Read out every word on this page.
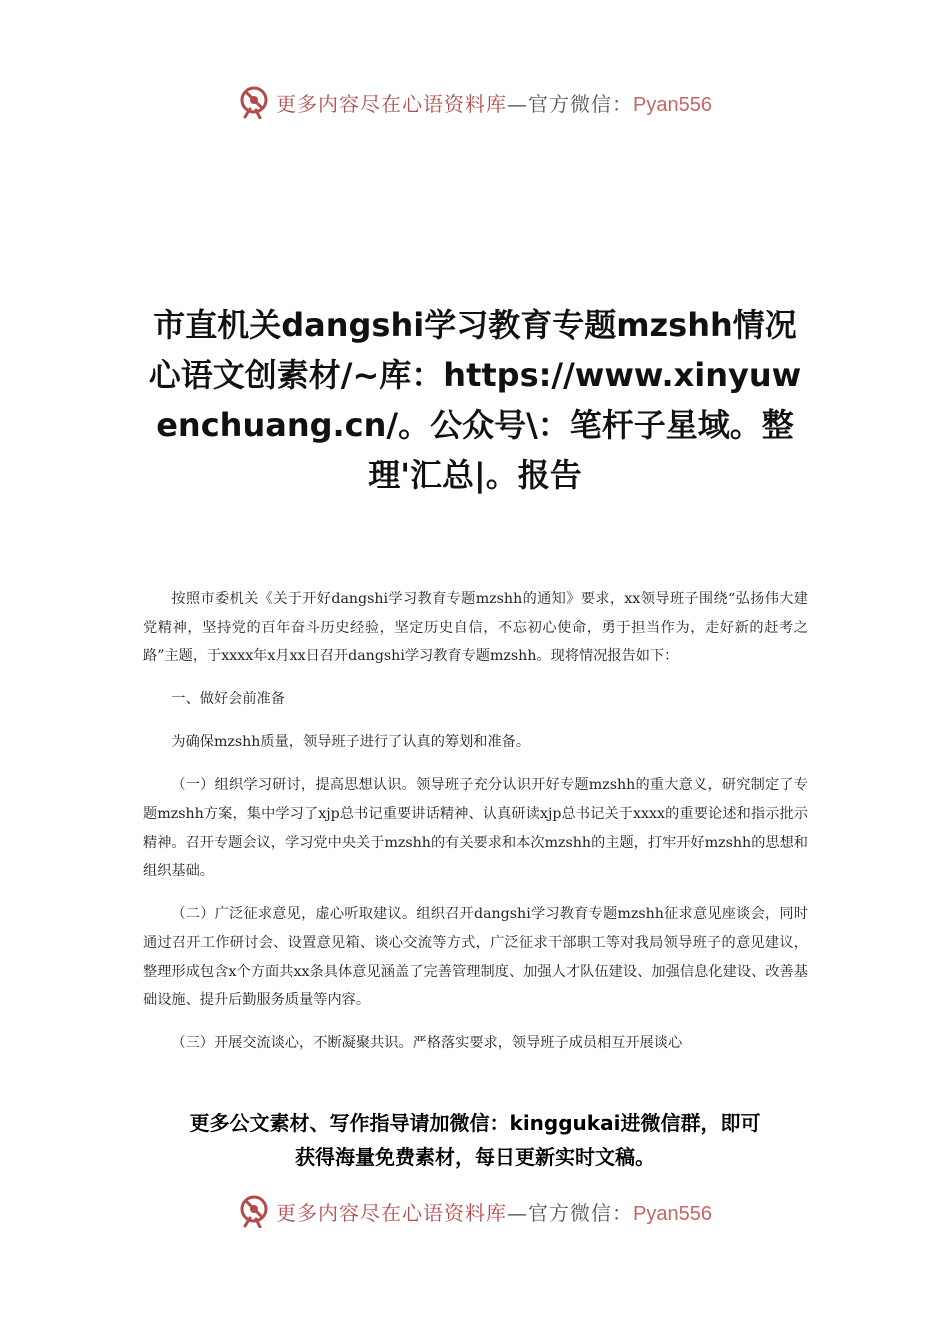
更多内容尽在心语资料库—官方微信：Pyan556
市直机关dangshi学习教育专题mzshh情况心语文创素材/~库：https://www.xinyuwenchuang.cn/。公众号\：笔杆子星域。整理'汇总|。报告

按照市委机关《关于开好dangshi学习教育专题mzshh的通知》要求，xx领导班子围绕“弘扬伟大建党精神，坚持党的百年奋斗历史经验，坚定历史自信，不忘初心使命，勇于担当作为，走好新的赶考之路”主题，于xxxx年x月xx日召开dangshi学习教育专题mzshh。现将情况报告如下：

一、做好会前准备

为确保mzshh质量，领导班子进行了认真的筹划和准备。

（一）组织学习研讨，提高思想认识。领导班子充分认识开好专题mzshh的重大意义，研究制定了专题mzshh方案，集中学习了xjp总书记重要讲话精神、认真研读xjp总书记关于xxxx的重要论述和指示批示精神。召开专题会议，学习党中央关于mzshh的有关要求和本次mzshh的主题，打牢开好mzshh的思想和组织基础。

（二）广泛征求意见，虚心听取建议。组织召开dangshi学习教育专题mzshh征求意见座谈会，同时通过召开工作研讨会、设置意见箱、谈心交流等方式，广泛征求干部职工等对我局领导班子的意见建议，整理形成包含x个方面共xx条具体意见涵盖了完善管理制度、加强人才队伍建设、加强信息化建设、改善基础设施、提升后勤服务质量等内容。

（三）开展交流谈心，不断凝聚共识。严格落实要求，领导班子成员相互开展谈心

更多公文素材、写作指导请加微信：kinggukai进微信群，即可
获得海量免费素材，每日更新实时文稿。
更多内容尽在心语资料库—官方微信：Pyan556
